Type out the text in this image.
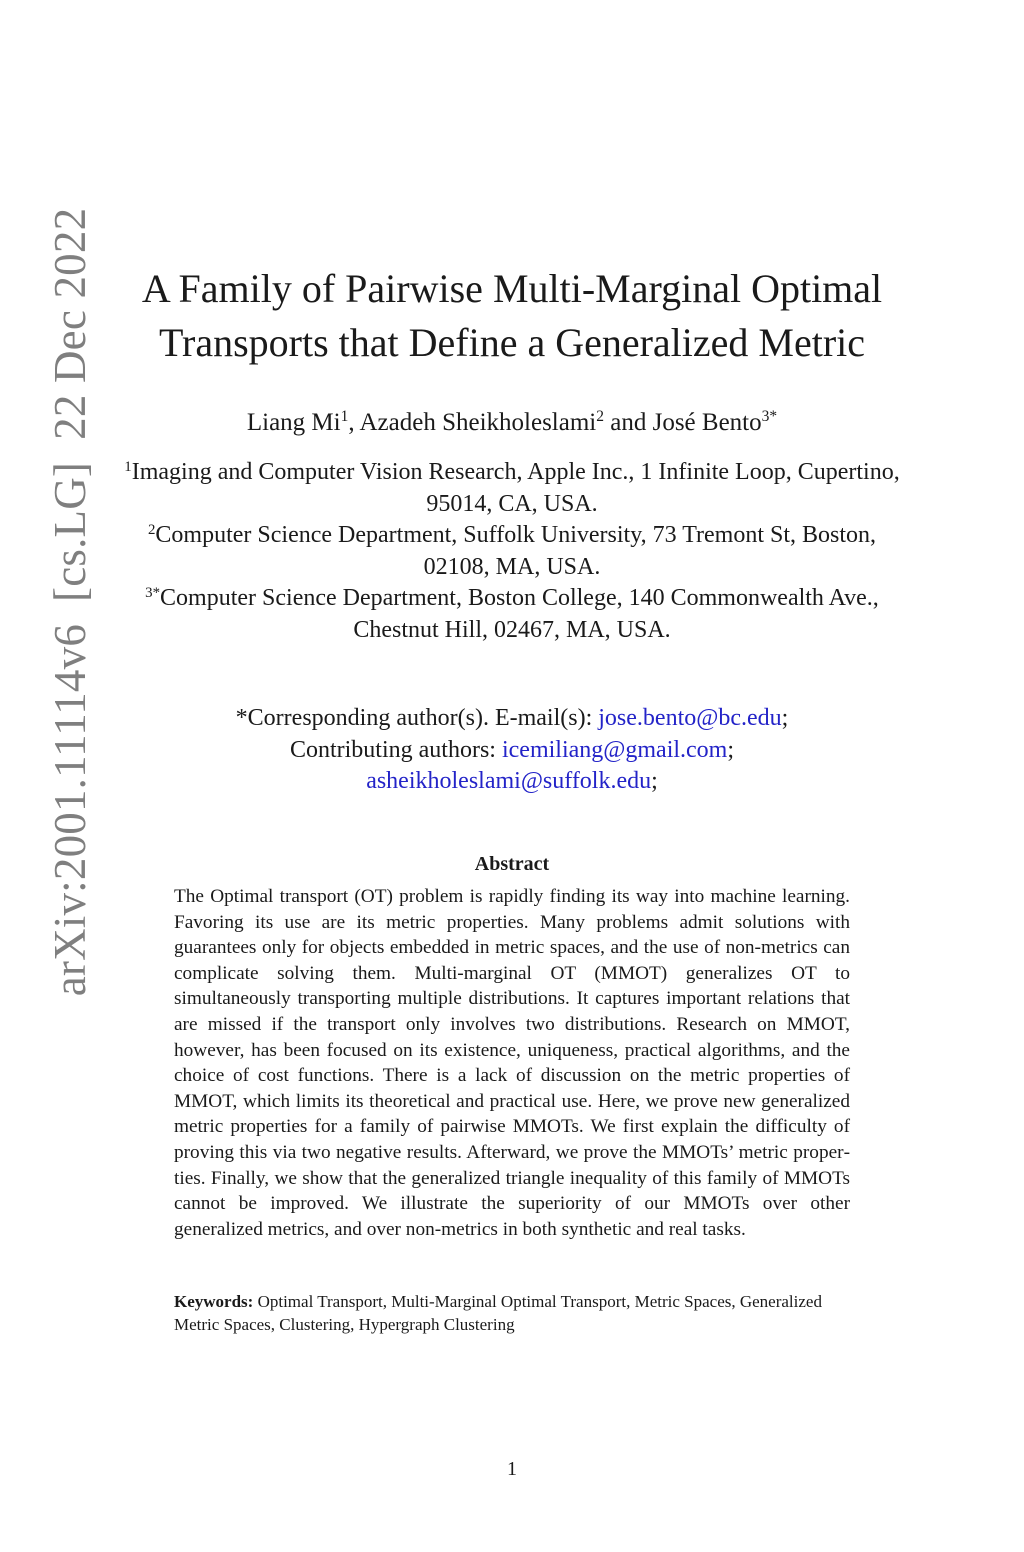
arXiv:2001.11114v6[cs.LG]22 Dec 2022	A Family of Pairwise Multi-Marginal Optimal
Transports that Define a Generalized Metric
Liang Mi$^1$, Azadeh Sheikholeslami$^2$ and José Bento$^{3*}$

$^1$Imaging and Computer Vision Research, Apple Inc., 1 Infinite Loop, Cupertino, 95014, CA, USA.

$^2$Computer Science Department, Suffolk University, 73 Tremont St, Boston, 02108, MA, USA.

$^{3*}$Computer Science Department, Boston College, 140 Commonwealth Ave., Chestnut Hill, 02467, MA, USA.

*Corresponding author(s). E-mail(s): jose.bento@bc.edu;
Contributing authors: icemiliang@gmail.com;
asheikholeslami@suffolk.edu;
Abstract
The Optimal transport (OT) problem is rapidly finding its way into machine learning. Favoring its use are its metric properties. Many problems admit solutions with guarantees only for objects embedded in metric spaces, and the use of non-metrics can complicate solving them. Multi-marginal OT (MMOT) generalizes OT to simultaneously transporting multiple distributions. It captures important relations that are missed if the transport only involves two distributions. Research on MMOT, however, has been focused on its existence, uniqueness, practical algorithms, and the choice of cost functions. There is a lack of discussion on the metric properties of MMOT, which limits its theoretical and practical use. Here, we prove new generalized metric properties for a family of pairwise MMOTs. We first explain the difficulty of proving this via two negative results. Afterward, we prove the MMOTs’ metric properties. Finally, we show that the generalized triangle inequality of this family of MMOTs cannot be improved. We illustrate the superiority of our MMOTs over other generalized metrics, and over non-metrics in both synthetic and real tasks.
Keywords: Optimal Transport, Multi-Marginal Optimal Transport, Metric Spaces, Generalized Metric Spaces, Clustering, Hypergraph Clustering
1
